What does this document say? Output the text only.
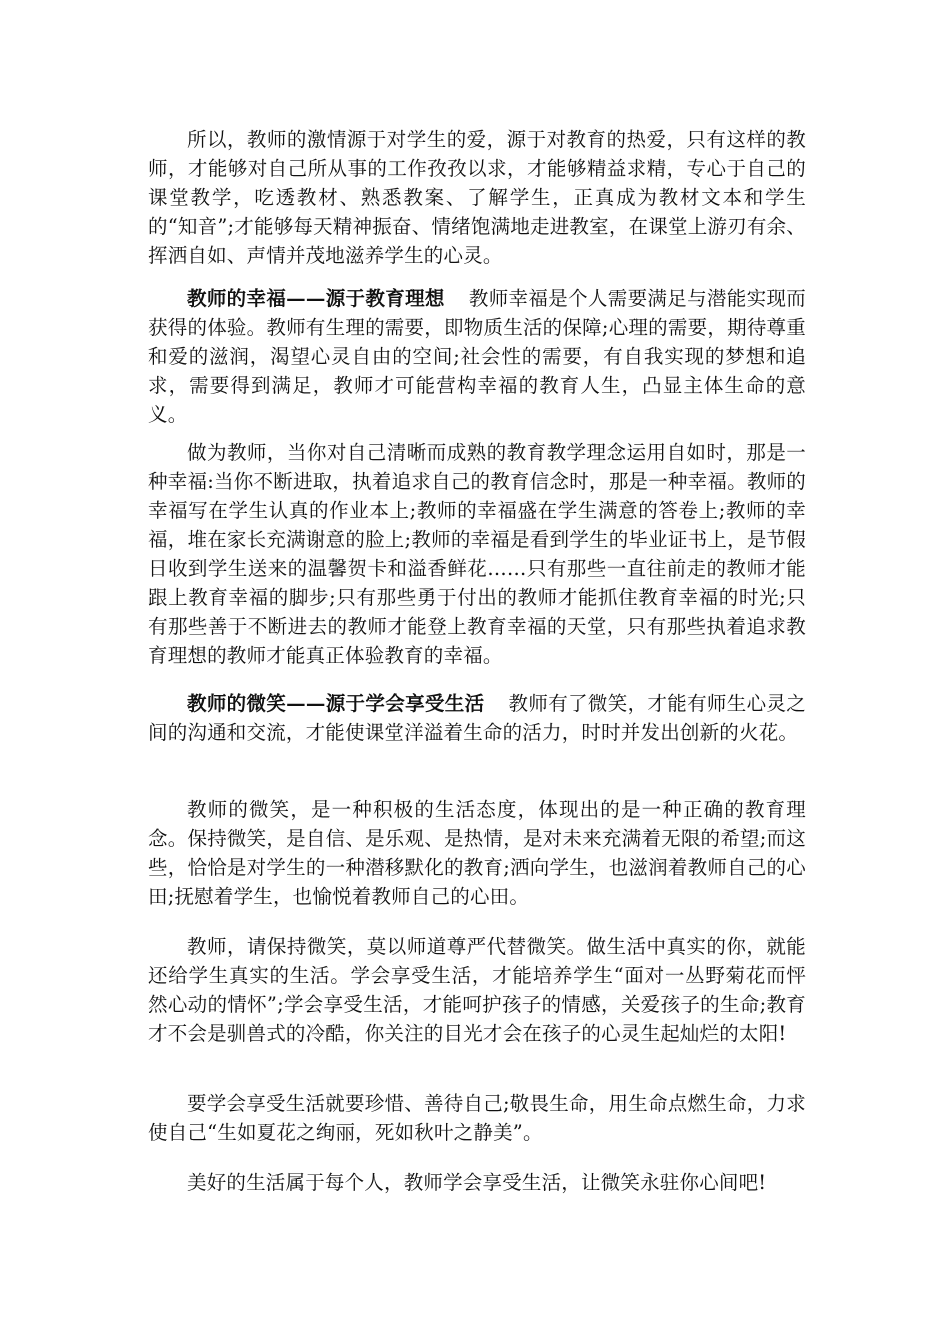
所以，教师的激情源于对学生的爱，源于对教育的热爱，只有这样的教师，才能够对自己所从事的工作孜孜以求，才能够精益求精，专心于自己的课堂教学，吃透教材、熟悉教案、了解学生，正真成为教材文本和学生的“知音”;才能够每天精神振奋、情绪饱满地走进教室，在课堂上游刃有余、挥洒自如、声情并茂地滋养学生的心灵。

教师的幸福——源于教育理想 教师幸福是个人需要满足与潜能实现而获得的体验。教师有生理的需要，即物质生活的保障;心理的需要，期待尊重和爱的滋润，渴望心灵自由的空间;社会性的需要，有自我实现的梦想和追求，需要得到满足，教师才可能营构幸福的教育人生，凸显主体生命的意义。

做为教师，当你对自己清晰而成熟的教育教学理念运用自如时，那是一种幸福:当你不断进取，执着追求自己的教育信念时，那是一种幸福。教师的幸福写在学生认真的作业本上;教师的幸福盛在学生满意的答卷上;教师的幸福，堆在家长充满谢意的脸上;教师的幸福是看到学生的毕业证书上，是节假日收到学生送来的温馨贺卡和溢香鲜花……只有那些一直往前走的教师才能跟上教育幸福的脚步;只有那些勇于付出的教师才能抓住教育幸福的时光;只有那些善于不断进去的教师才能登上教育幸福的天堂，只有那些执着追求教育理想的教师才能真正体验教育的幸福。

教师的微笑——源于学会享受生活 教师有了微笑，才能有师生心灵之间的沟通和交流，才能使课堂洋溢着生命的活力，时时并发出创新的火花。

教师的微笑，是一种积极的生活态度，体现出的是一种正确的教育理念。保持微笑，是自信、是乐观、是热情，是对未来充满着无限的希望;而这些，恰恰是对学生的一种潜移默化的教育;洒向学生，也滋润着教师自己的心田;抚慰着学生，也愉悦着教师自己的心田。

教师，请保持微笑，莫以师道尊严代替微笑。做生活中真实的你，就能还给学生真实的生活。学会享受生活，才能培养学生“面对一丛野菊花而怦然心动的情怀”;学会享受生活，才能呵护孩子的情感，关爱孩子的生命;教育才不会是驯兽式的冷酷，你关注的目光才会在孩子的心灵生起灿烂的太阳!

要学会享受生活就要珍惜、善待自己;敬畏生命，用生命点燃生命，力求使自己“生如夏花之绚丽，死如秋叶之静美”。

美好的生活属于每个人，教师学会享受生活，让微笑永驻你心间吧!
